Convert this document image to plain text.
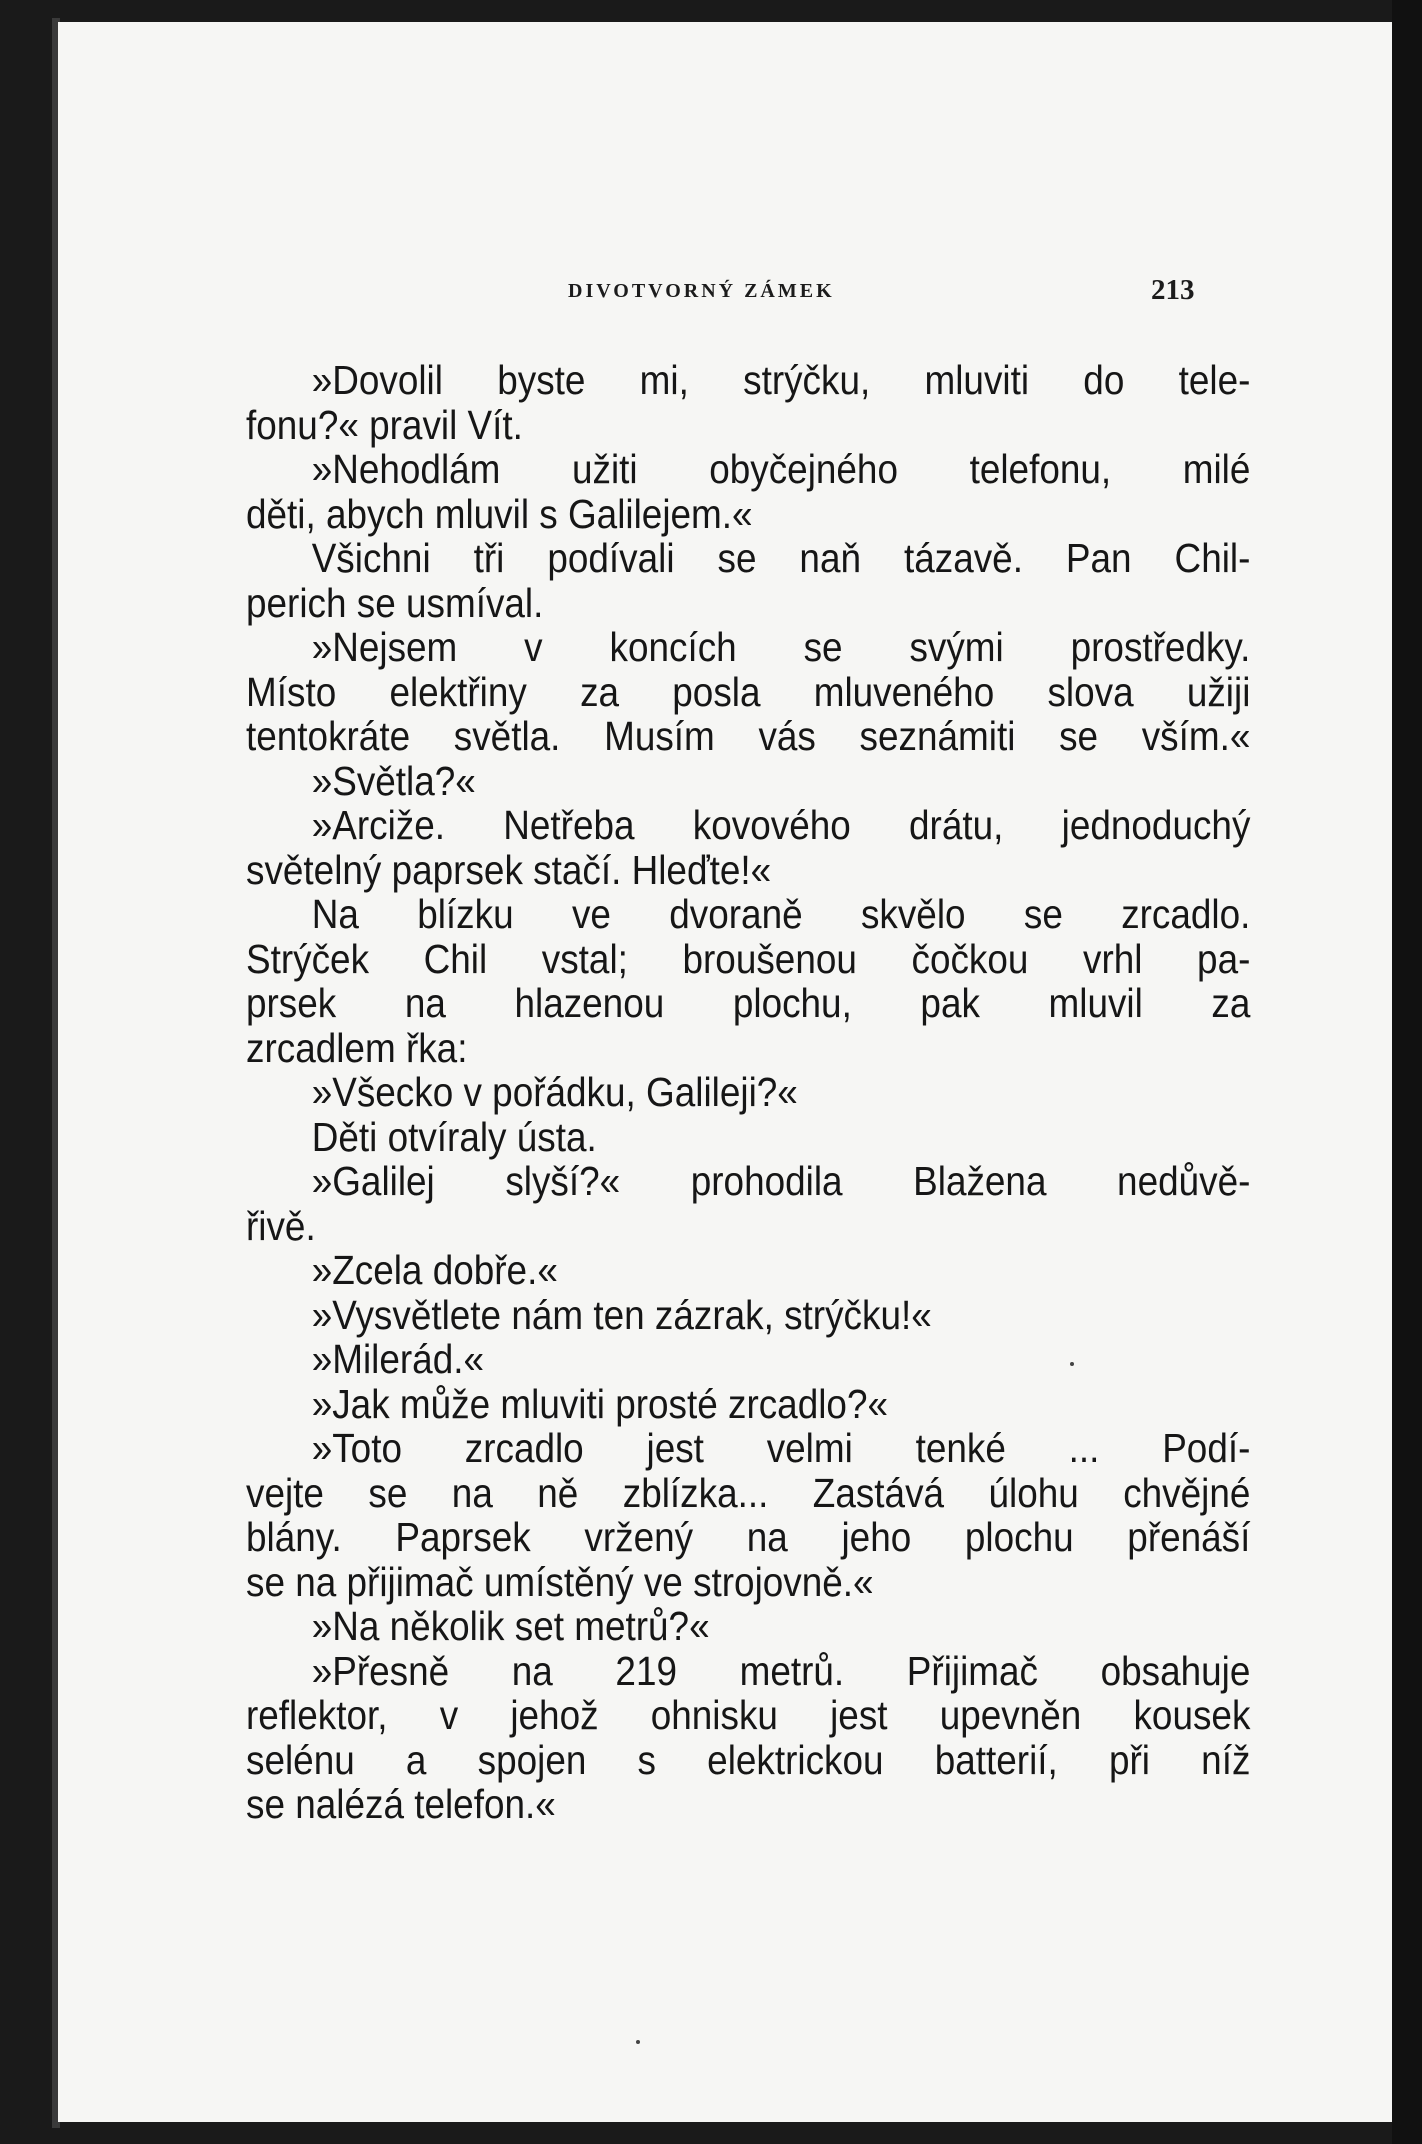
DIVOTVORNÝ ZÁMEK	213
»Dovolil byste mi, strýčku, mluviti do tele-
fonu?« pravil Vít.
»Nehodlám užiti obyčejného telefonu, milé
děti, abych mluvil s Galilejem.«
Všichni tři podívali se naň tázavě. Pan Chil-
perich se usmíval.
»Nejsem v koncích se svými prostředky.
Místo elektřiny za posla mluveného slova užiji
tentokráte světla. Musím vás seznámiti se vším.«
»Světla?«
»Arciže. Netřeba kovového drátu, jednoduchý
světelný paprsek stačí. Hleďte!«
Na blízku ve dvoraně skvělo se zrcadlo.
Strýček Chil vstal; broušenou čočkou vrhl pa-
prsek na hlazenou plochu, pak mluvil za
zrcadlem řka:
»Všecko v pořádku, Galileji?«
Děti otvíraly ústa.
»Galilej slyší?« prohodila Blažena nedůvě-
řivě.
»Zcela dobře.«
»Vysvětlete nám ten zázrak, strýčku!«
»Milerád.«
»Jak může mluviti prosté zrcadlo?«
»Toto zrcadlo jest velmi tenké ... Podí-
vejte se na ně zblízka... Zastává úlohu chvějné
blány. Paprsek vržený na jeho plochu přenáší
se na přijimač umístěný ve strojovně.«
»Na několik set metrů?«
»Přesně na 219 metrů. Přijimač obsahuje
reflektor, v jehož ohnisku jest upevněn kousek
selénu a spojen s elektrickou batterií, při níž
se nalézá telefon.«
